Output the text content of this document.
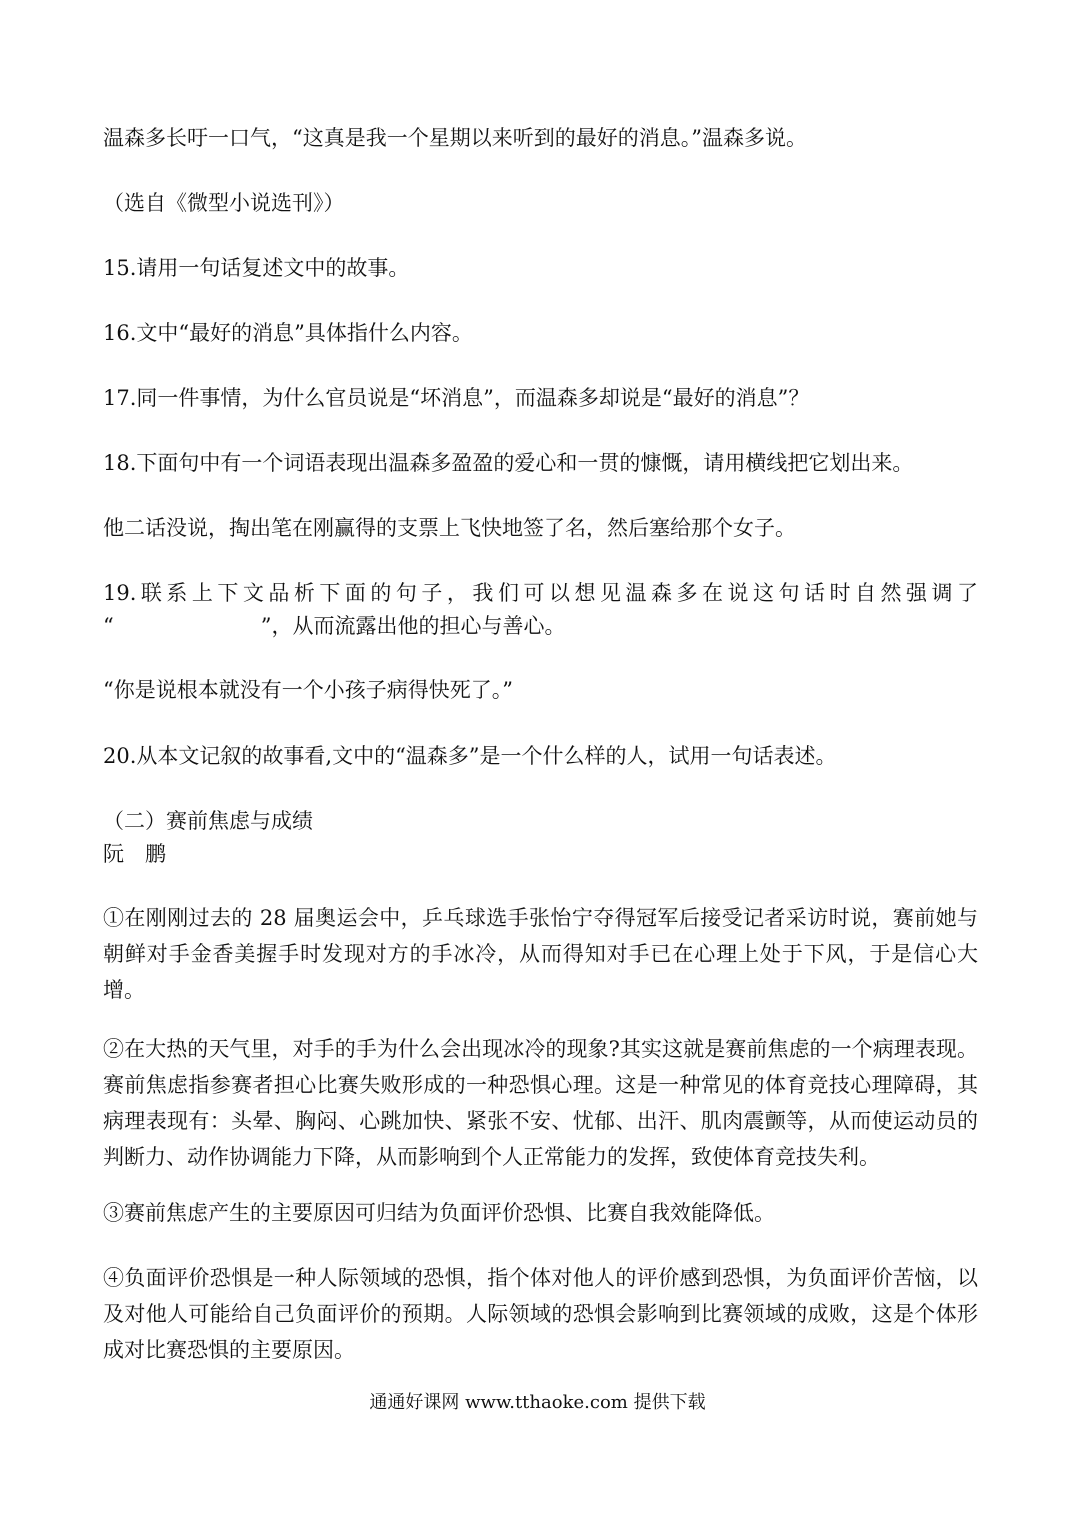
温森多长吁一口气，“这真是我一个星期以来听到的最好的消息。”温森多说。
（选自《微型小说选刊》）
15.请用一句话复述文中的故事。
16.文中“最好的消息”具体指什么内容。
17.同一件事情，为什么官员说是“坏消息”，而温森多却说是“最好的消息”？
18.下面句中有一个词语表现出温森多盈盈的爱心和一贯的慷慨，请用横线把它划出来。
他二话没说，掏出笔在刚赢得的支票上飞快地签了名，然后塞给那个女子。
19.联系上下文品析下面的句子，我们可以想见温森多在说这句话时自然强调了
“　　　　　　　”，从而流露出他的担心与善心。
“你是说根本就没有一个小孩子病得快死了。”
20.从本文记叙的故事看,文中的“温森多”是一个什么样的人，试用一句话表述。
（二）赛前焦虑与成绩
阮　鹏
①在刚刚过去的 28 届奥运会中，乒乓球选手张怡宁夺得冠军后接受记者采访时说，赛前她与朝鲜对手金香美握手时发现对方的手冰冷，从而得知对手已在心理上处于下风，于是信心大增。
②在大热的天气里，对手的手为什么会出现冰冷的现象?其实这就是赛前焦虑的一个病理表现。赛前焦虑指参赛者担心比赛失败形成的一种恐惧心理。这是一种常见的体育竞技心理障碍，其病理表现有：头晕、胸闷、心跳加快、紧张不安、忧郁、出汗、肌肉震颤等，从而使运动员的判断力、动作协调能力下降，从而影响到个人正常能力的发挥，致使体育竞技失利。
③赛前焦虑产生的主要原因可归结为负面评价恐惧、比赛自我效能降低。
④负面评价恐惧是一种人际领域的恐惧，指个体对他人的评价感到恐惧，为负面评价苦恼，以及对他人可能给自己负面评价的预期。人际领域的恐惧会影响到比赛领域的成败，这是个体形成对比赛恐惧的主要原因。
通通好课网 www.tthaoke.com 提供下载
